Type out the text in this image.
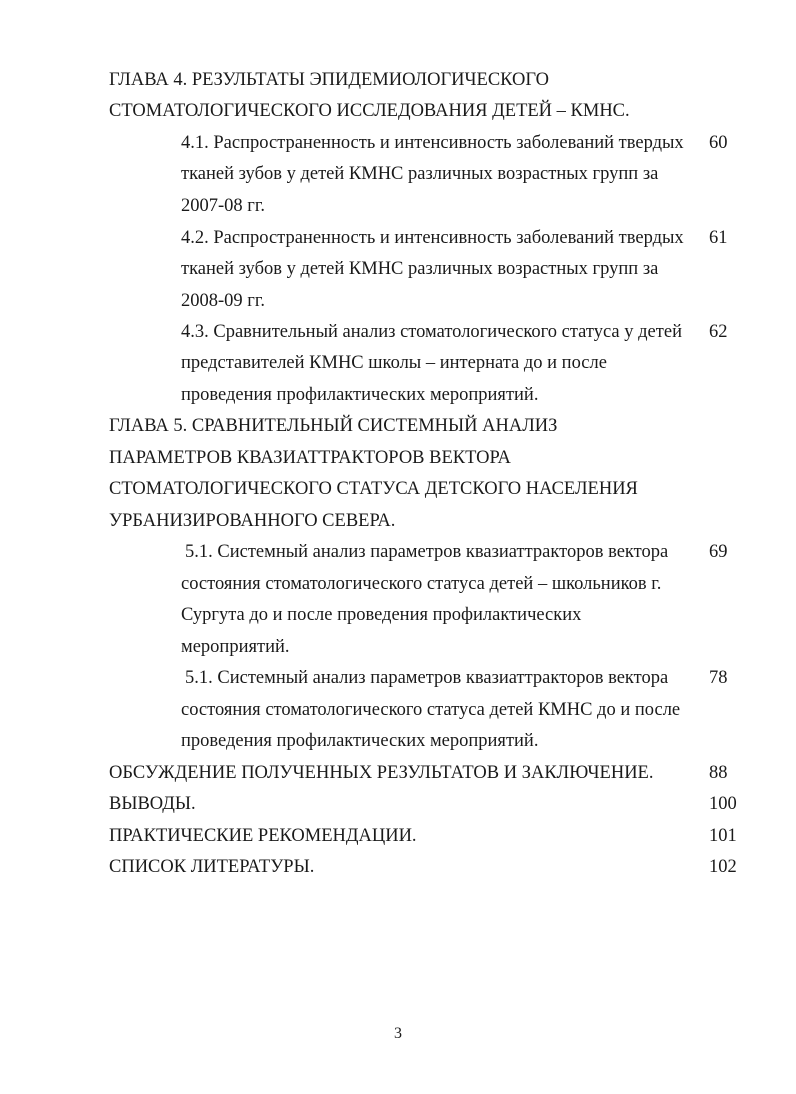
ГЛАВА 4. РЕЗУЛЬТАТЫ ЭПИДЕМИОЛОГИЧЕСКОГО
СТОМАТОЛОГИЧЕСКОГО ИССЛЕДОВАНИЯ ДЕТЕЙ – КМНС.
4.1. Распространенность и интенсивность заболеваний твердых 60
тканей зубов у детей КМНС различных возрастных групп за
2007-08 гг.
4.2. Распространенность и интенсивность заболеваний твердых 61
тканей зубов у детей КМНС различных возрастных групп за
2008-09 гг.
4.3. Сравнительный анализ стоматологического статуса у детей 62
представителей КМНС школы – интерната до и после
проведения профилактических мероприятий.
ГЛАВА 5. СРАВНИТЕЛЬНЫЙ СИСТЕМНЫЙ АНАЛИЗ
ПАРАМЕТРОВ КВАЗИАТТРАКТОРОВ ВЕКТОРА
СТОМАТОЛОГИЧЕСКОГО СТАТУСА ДЕТСКОГО НАСЕЛЕНИЯ
УРБАНИЗИРОВАННОГО СЕВЕРА.
5.1. Системный анализ параметров квазиаттракторов вектора 69
состояния стоматологического статуса детей – школьников г.
Сургута до и после проведения профилактических
мероприятий.
5.1. Системный анализ параметров квазиаттракторов вектора 78
состояния стоматологического статуса детей КМНС до и после
проведения профилактических мероприятий.
ОБСУЖДЕНИЕ ПОЛУЧЕННЫХ РЕЗУЛЬТАТОВ И ЗАКЛЮЧЕНИЕ.	88
ВЫВОДЫ.	100
ПРАКТИЧЕСКИЕ РЕКОМЕНДАЦИИ.	101
СПИСОК ЛИТЕРАТУРЫ.	102
3
